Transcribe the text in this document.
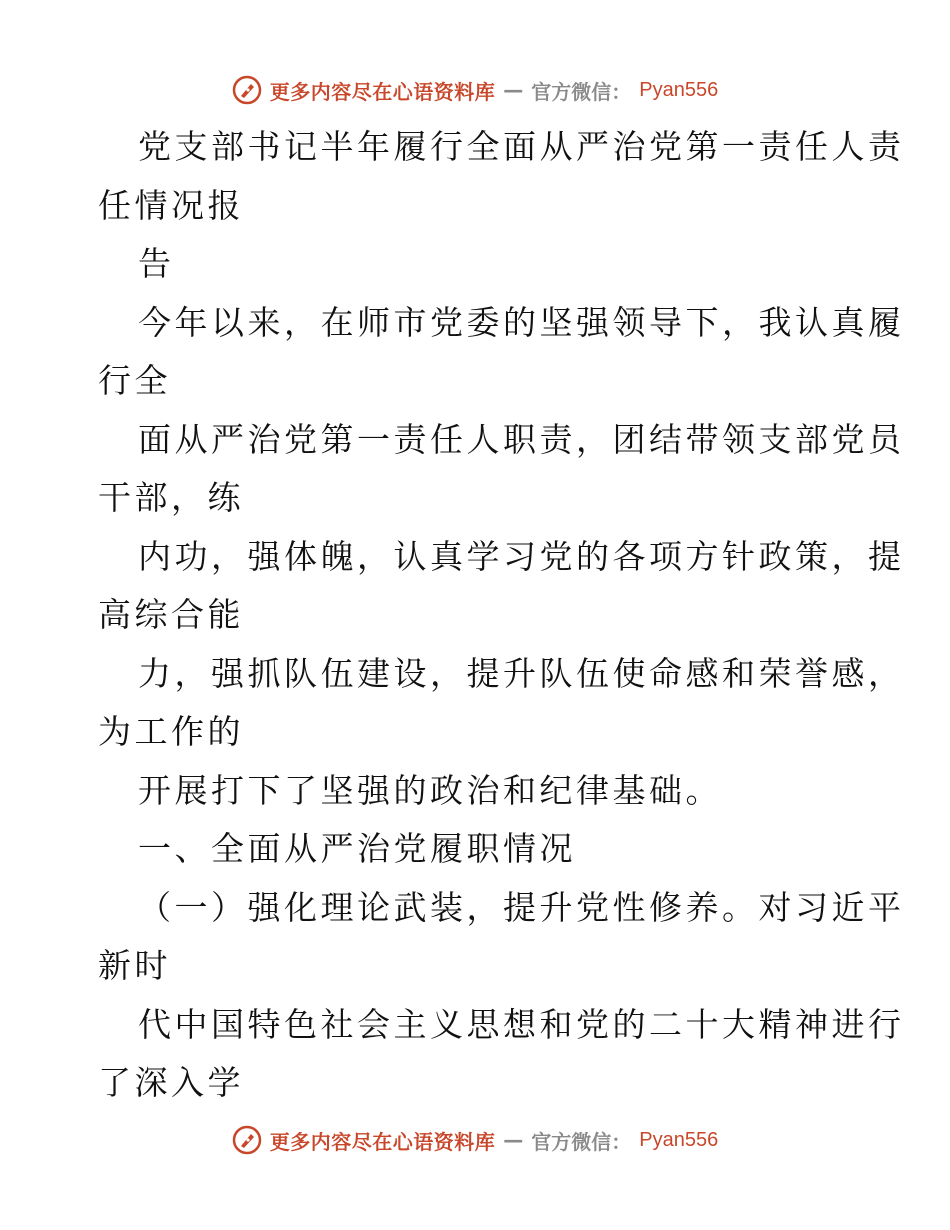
更多内容尽在心语资料库 — 官方微信： Pyan556

党支部书记半年履行全面从严治党第一责任人责

任情况报

告

今年以来，在师市党委的坚强领导下，我认真履

行全

面从严治党第一责任人职责，团结带领支部党员

干部，练

内功，强体魄，认真学习党的各项方针政策，提

高综合能

力，强抓队伍建设，提升队伍使命感和荣誉感，

为工作的

开展打下了坚强的政治和纪律基础。

一、全面从严治党履职情况

（一）强化理论武装，提升党性修养。对习近平

新时

代中国特色社会主义思想和党的二十大精神进行

了深入学

更多内容尽在心语资料库 — 官方微信： Pyan556
